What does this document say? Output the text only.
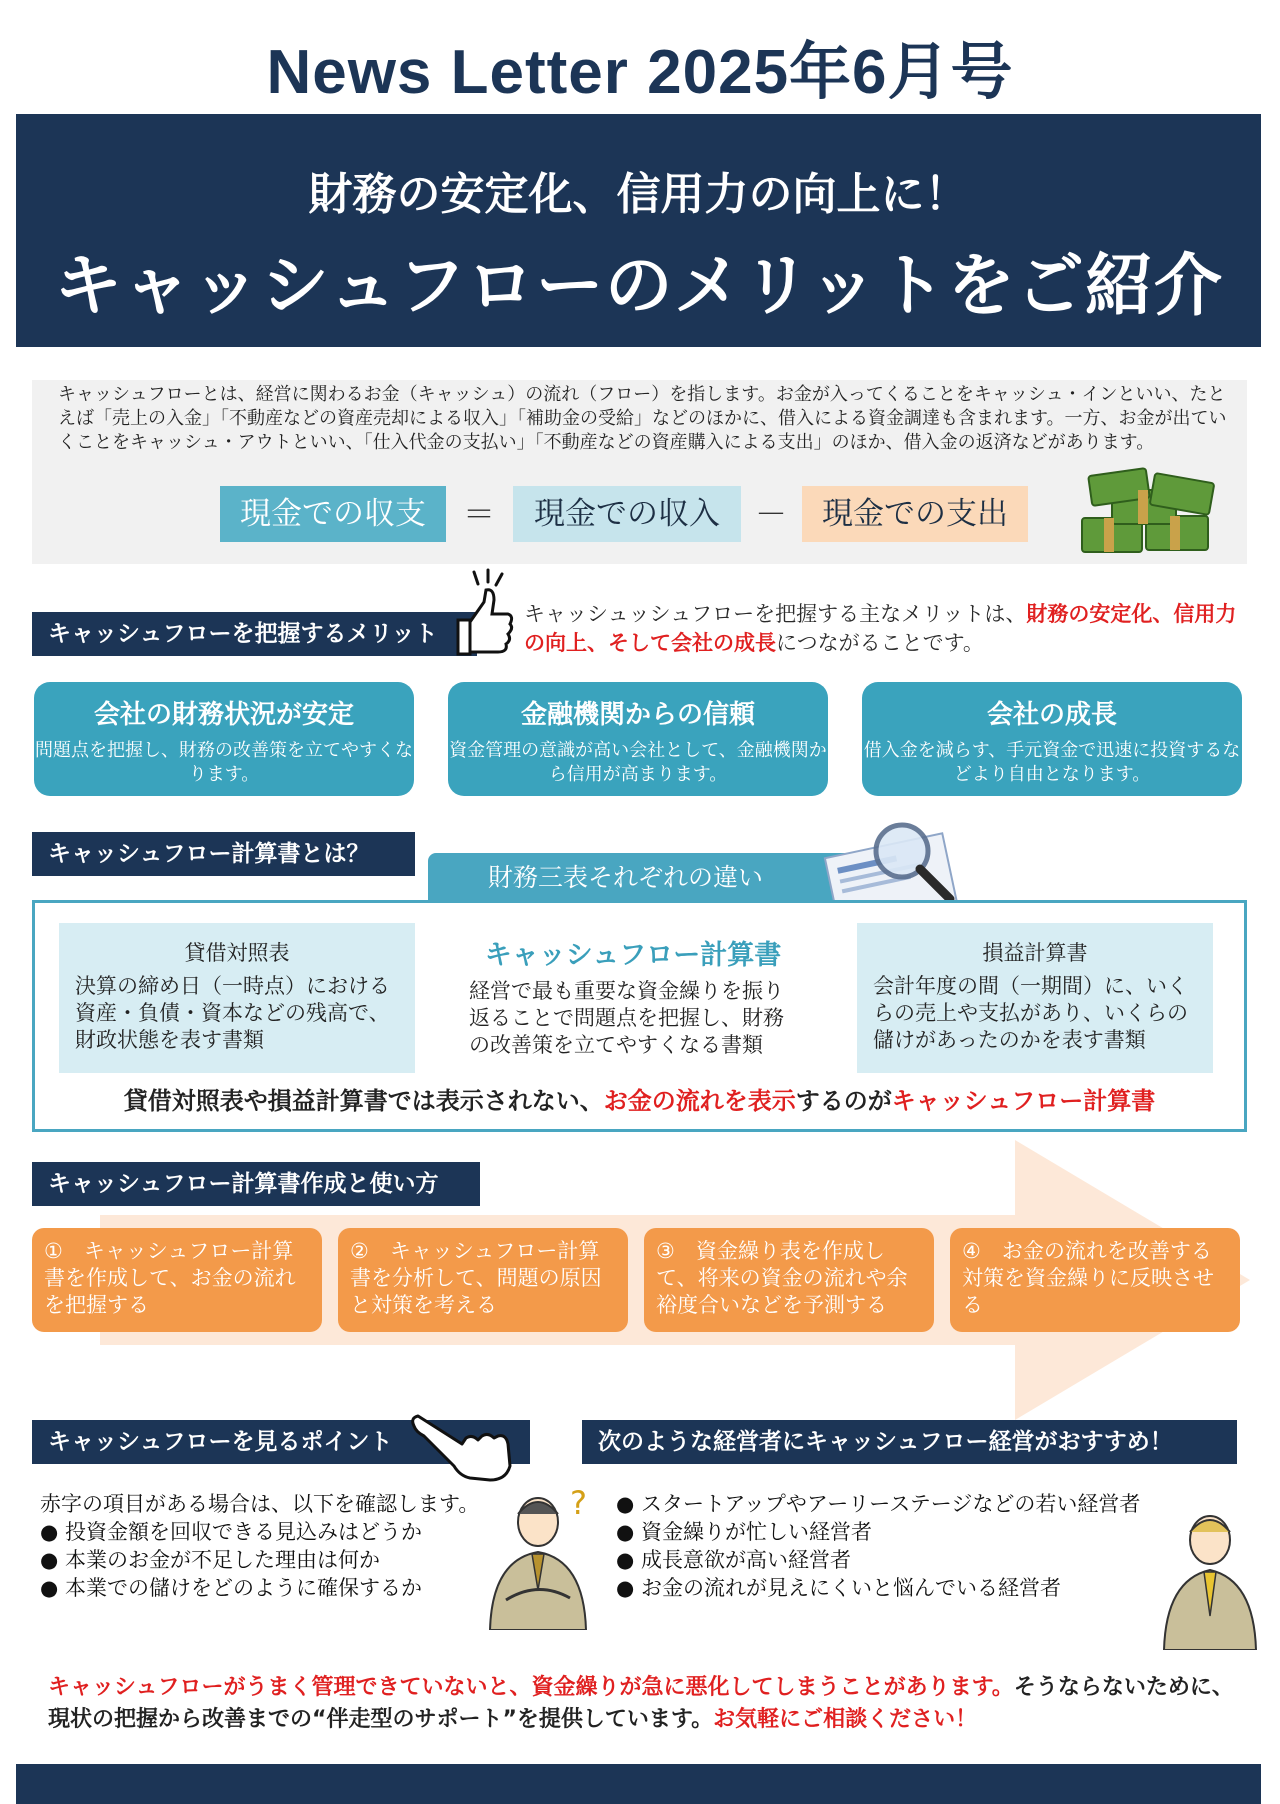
News Letter 2025年6月号
財務の安定化、信用力の向上に！
キャッシュフローのメリットをご紹介
キャッシュフローとは、経営に関わるお金（キャッシュ）の流れ（フロー）を指します。お金が入ってくることをキャッシュ・インといい、たとえば「売上の入金」「不動産などの資産売却による収入」「補助金の受給」などのほかに、借入による資金調達も含まれます。一方、お金が出ていくことをキャッシュ・アウトといい、「仕入代金の支払い」「不動産などの資産購入による支出」のほか、借入金の返済などがあります。
現金での収支	＝	現金での収入	－	現金での支出
キャッシュフローを把握するメリット
キャッシュッシュフローを把握する主なメリットは、財務の安定化、信用力の向上、そして会社の成長につながることです。
会社の財務状況が安定
問題点を把握し、財務の改善策を立てやすくなります。
金融機関からの信頼
資金管理の意識が高い会社として、金融機関から信用が高まります。
会社の成長
借入金を減らす、手元資金で迅速に投資するなどより自由となります。
キャッシュフロー計算書とは？
財務三表それぞれの違い
貸借対照表
決算の締め日（一時点）における資産・負債・資本などの残高で、財政状態を表す書類
キャッシュフロー計算書
経営で最も重要な資金繰りを振り返ることで問題点を把握し、財務の改善策を立てやすくなる書類
損益計算書
会計年度の間（一期間）に、いくらの売上や支払があり、いくらの儲けがあったのかを表す書類
貸借対照表や損益計算書では表示されない、お金の流れを表示するのがキャッシュフロー計算書
キャッシュフロー計算書作成と使い方
①　キャッシュフロー計算書を作成して、お金の流れを把握する
②　キャッシュフロー計算書を分析して、問題の原因と対策を考える
③　資金繰り表を作成して、将来の資金の流れや余裕度合いなどを予測する
④　お金の流れを改善する対策を資金繰りに反映させる
キャッシュフローを見るポイント	次のような経営者にキャッシュフロー経営がおすすめ！
赤字の項目がある場合は、以下を確認します。
● 投資金額を回収できる見込みはどうか
● 本業のお金が不足した理由は何か
● 本業での儲けをどのように確保するか
? ● スタートアップやアーリーステージなどの若い経営者
● 資金繰りが忙しい経営者
● 成長意欲が高い経営者
● お金の流れが見えにくいと悩んでいる経営者
キャッシュフローがうまく管理できていないと、資金繰りが急に悪化してしまうことがあります。そうならないために、現状の把握から改善までの“伴走型のサポート”を提供しています。お気軽にご相談ください！
